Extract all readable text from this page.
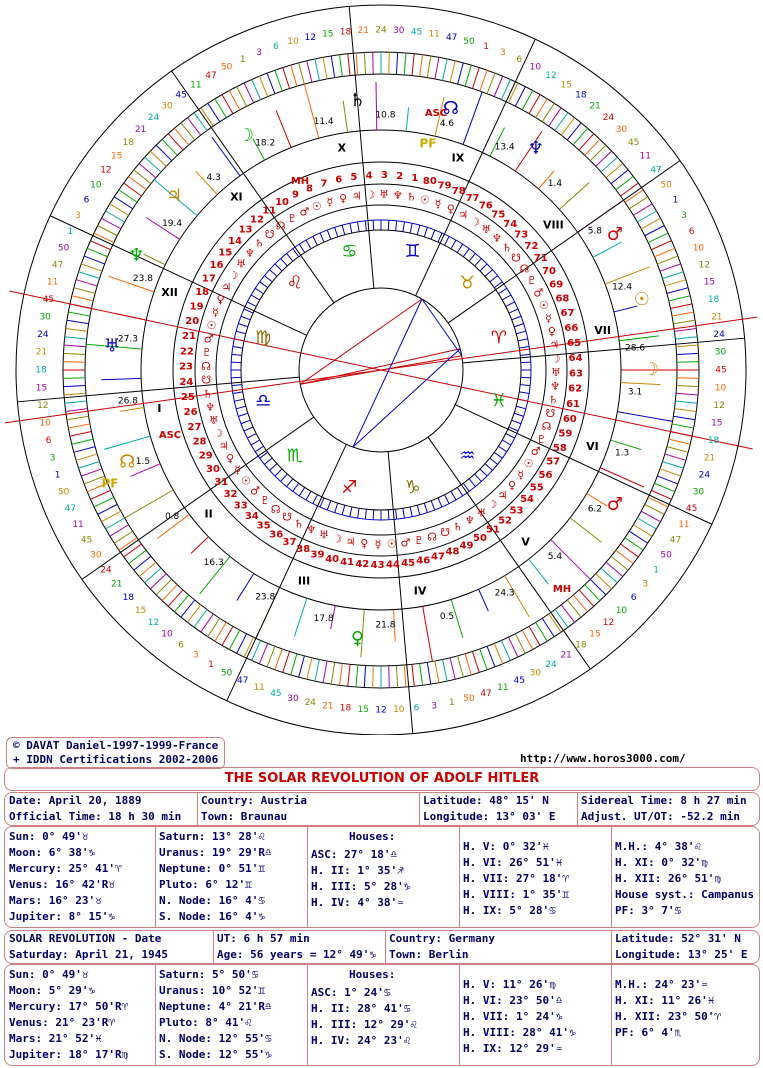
♈
♉
♊
♋
♌
♍
♎
♏
♐	♑
♒
♓
1
2
3
4
5
6
7
8
9
10
11
12
13
14
15
16
17
18
19
20
21
22
23
24
25
26
27
28
29
30
31
32
33
34
35
36
37
38
39 40 41 42 43 44 45 46 47 48
49
50
51
52
53
54
55
56
57
58
59
60
61
62
63
64
65
66
67
68
69
70
71
72
73
74
75
76
77
78
79
80
♄
♆
♅
☽
♃
♀
☿
☉
♂
♇
☊
☋
♄
♆
♅
☽
♃
♀
☿
☉
♂
♇
☊
☋
♄
♆
♅
☽
♃
♀
☿
☉
♂
♇
☊
☋
♄ ♆ ♅ ☽ ♃ ♀ ☿ ☉ ♂ ♇ ☊ ☋ ♄
♆
♅
☽
♃
♀
☿
☉
♂
♇
☊
☋
♄
♆
♅
☽
♃
♀
☿
☉
♂
♇
☊
☋
♄
♆
♅
☽
♃
♀
☿
☉
I
II
III
IV
V
VI
VII
VIII
IX
X
XI
XII
45
30
24
21
18
15
12
10
6
3
1
50
47
11
45
30
24
21
18
15
12
10
6
3
1
50
47
11
45
30
24
21
18
15
12
10
6
3
1
50
47
11
45
30
24
21
18
15
12
10
6
3
1
50
47
11
45
30
24
21
18
15
12
10
6
3
1
50
47
11
45
30
24
21
18
15
12
10
6
3
1
50
47
11
45
30 24 21 18 15 12 10 6 3 1 50
47
11
45
30
24
21
18
15
12
10
6
3
1
50
47
11
45
30
24
21
18
15
12
10
♄	☊
♆
♂
☉
☽
♂
♀
♅
♆
♃
☽
☊
28.6
12.4
5.8
1.4
13.4
4.6
10.8
11.4
18.2
4.3
19.4
23.8
27.3
26.8
1.5
0.8
16.3
23.8
17.8
21.8
0.5
24.3
5.4
6.2
1.3
3.1
ASC
ASC
PF
PF
MH
MH
© DAVAT Daniel-1997-1999-France
+ IDDN Certifications 2002-2006	http://www.horos3000.com/
THE SOLAR REVOLUTION OF ADOLF HITLER
Date: April 20, 1889
Official Time: 18 h 30 min
Country: Austria
Town: Braunau
Latitude: 48° 15' N
Longitude: 13° 03' E
Sidereal Time: 8 h 27 min
Adjust. UT/OT: -52.2 min
Sun: 0° 49'♉
Moon: 6° 38'♑
Mercury: 25° 41'♈
Venus: 16° 42'R♉
Mars: 16° 23'♉
Jupiter: 8° 15'♑
Saturn: 13° 28'♌
Uranus: 19° 29'R♎
Neptune: 0° 51'♊
Pluto: 6° 12'♊
N. Node: 16° 4'♋
S. Node: 16° 4'♑
Houses:
ASC: 27° 18'♎
H. II: 1° 35'♐
H. III: 5° 28'♑
H. IV: 4° 38'♒
H. V: 0° 32'♓
H. VI: 26° 51'♓
H. VII: 27° 18'♈
H. VIII: 1° 35'♊
H. IX: 5° 28'♋
M.H.: 4° 38'♌
H. XI: 0° 32'♍
H. XII: 26° 51'♍
House syst.: Campanus
PF: 3° 7'♋
SOLAR REVOLUTION - Date
Saturday: April 21, 1945
UT: 6 h 57 min
Age: 56 years = 12° 49'♑
Country: Germany
Town: Berlin
Latitude: 52° 31' N
Longitude: 13° 25' E
Sun: 0° 49'♉
Moon: 5° 29'♑
Mercury: 17° 50'R♈
Venus: 21° 23'R♈
Mars: 21° 52'♓
Jupiter: 18° 17'R♍
Saturn: 5° 50'♋
Uranus: 10° 52'♊
Neptune: 4° 21'R♎
Pluto: 8° 41'♌
N. Node: 12° 55'♋
S. Node: 12° 55'♑
Houses:
ASC: 1° 24'♋
H. II: 28° 41'♋
H. III: 12° 29'♌
H. IV: 24° 23'♌
H. V: 11° 26'♍
H. VI: 23° 50'♎
H. VII: 1° 24'♑
H. VIII: 28° 41'♑
H. IX: 12° 29'♒
M.H.: 24° 23'♒
H. XI: 11° 26'♓
H. XII: 23° 50'♈
PF: 6° 4'♏
